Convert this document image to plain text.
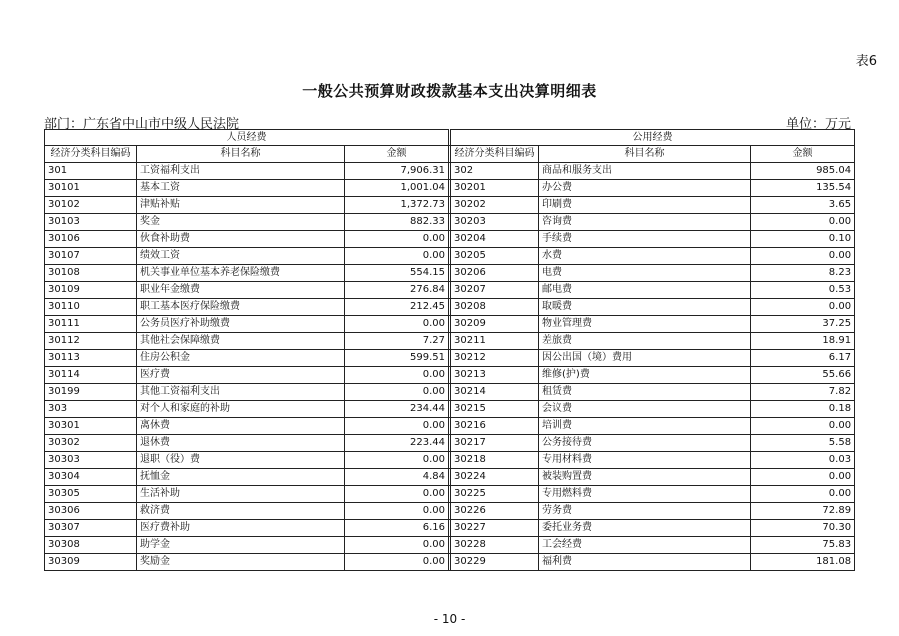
表6
一般公共预算财政拨款基本支出决算明细表
部门：广东省中山市中级人民法院	单位：万元
人员经费				公用经费		
经济分类科目编码	科目名称	金额		经济分类科目编码	科目名称	金额
301	工资福利支出	7,906.31		302	商品和服务支出	985.04
30101	基本工资	1,001.04		30201	办公费	135.54
30102	津贴补贴	1,372.73		30202	印刷费	3.65
30103	奖金	882.33		30203	咨询费	0.00
30106	伙食补助费	0.00		30204	手续费	0.10
30107	绩效工资	0.00		30205	水费	0.00
30108	机关事业单位基本养老保险缴费	554.15		30206	电费	8.23
30109	职业年金缴费	276.84		30207	邮电费	0.53
30110	职工基本医疗保险缴费	212.45		30208	取暖费	0.00
30111	公务员医疗补助缴费	0.00		30209	物业管理费	37.25
30112	其他社会保障缴费	7.27		30211	差旅费	18.91
30113	住房公积金	599.51		30212	因公出国（境）费用	6.17
30114	医疗费	0.00		30213	维修(护)费	55.66
30199	其他工资福利支出	0.00		30214	租赁费	7.82
303	对个人和家庭的补助	234.44		30215	会议费	0.18
30301	离休费	0.00		30216	培训费	0.00
30302	退休费	223.44		30217	公务接待费	5.58
30303	退职（役）费	0.00		30218	专用材料费	0.03
30304	抚恤金	4.84		30224	被装购置费	0.00
30305	生活补助	0.00		30225	专用燃料费	0.00
30306	救济费	0.00		30226	劳务费	72.89
30307	医疗费补助	6.16		30227	委托业务费	70.30
30308	助学金	0.00		30228	工会经费	75.83
30309	奖励金	0.00		30229	福利费	181.08
- 10 -
